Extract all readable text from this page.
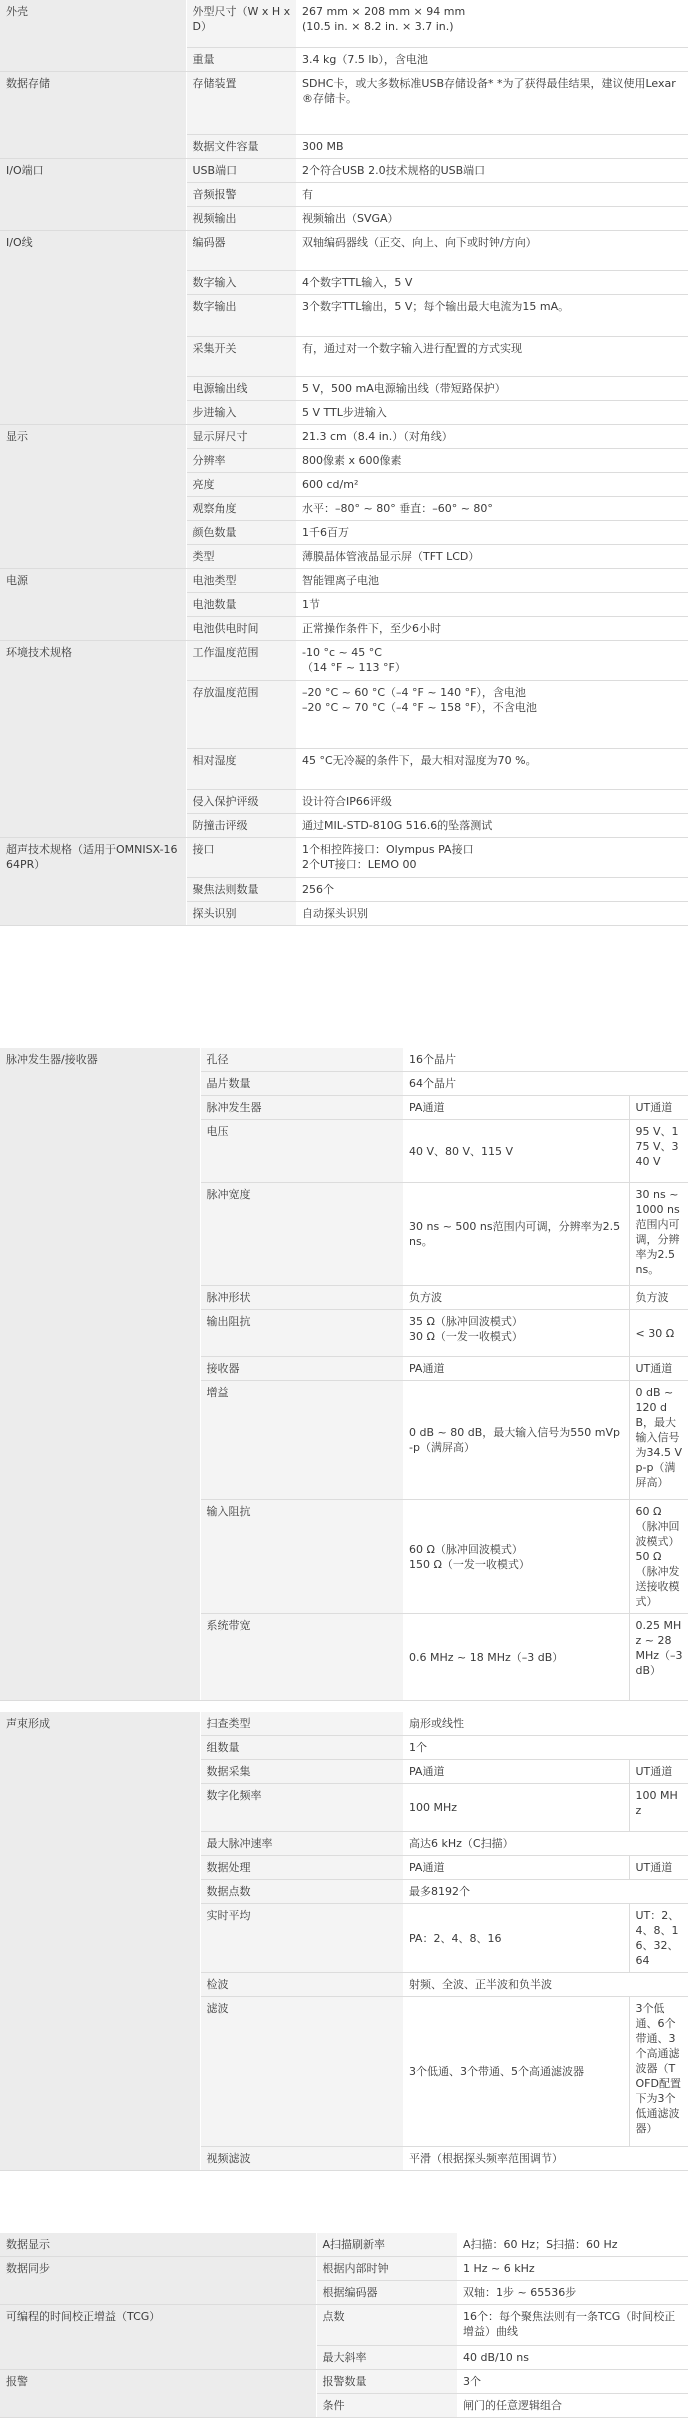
外壳	外型尺寸（W x H x D）	267 mm × 208 mm × 94 mm
(10.5 in. × 8.2 in. × 3.7 in.)
	重量	3.4 kg（7.5 lb），含电池
数据存储	存储装置	SDHC卡，或大多数标准USB存储设备* *为了获得最佳结果，建议使用Lexar®存储卡。
	数据文件容量	300 MB
I/O端口	USB端口	2个符合USB 2.0技术规格的USB端口
	音频报警	有
	视频输出	视频输出（SVGA）
I/O线	编码器	双轴编码器线（正交、向上、向下或时钟/方向）
	数字输入	4个数字TTL输入，5 V
	数字输出	3个数字TTL输出，5 V；每个输出最大电流为15 mA。
	采集开关	有，通过对一个数字输入进行配置的方式实现
	电源输出线	5 V，500 mA电源输出线（带短路保护）
	步进输入	5 V TTL步进输入
显示	显示屏尺寸	21.3 cm（8.4 in.）（对角线）
	分辨率	800像素 x 600像素
	亮度	600 cd/m²
	观察角度	水平：–80° ~ 80° 垂直：–60° ~ 80°
	颜色数量	1千6百万
	类型	薄膜晶体管液晶显示屏（TFT LCD）
电源	电池类型	智能锂离子电池
	电池数量	1节
	电池供电时间	正常操作条件下，至少6小时
环境技术规格	工作温度范围	-10 °c ~ 45 °C
（14 °F ~ 113 °F）
	存放温度范围	–20 °C ~ 60 °C（–4 °F ~ 140 °F），含电池
–20 °C ~ 70 °C（–4 °F ~ 158 °F），不含电池
	相对湿度	45 °C无冷凝的条件下，最大相对湿度为70 %。
	侵入保护评级	设计符合IP66评级
	防撞击评级	通过MIL-STD-810G 516.6的坠落测试
超声技术规格（适用于OMNISX-1664PR）	接口	1个相控阵接口：Olympus PA接口
2个UT接口：LEMO 00
	聚焦法则数量	256个
	探头识别	自动探头识别
脉冲发生器/接收器	孔径	16个晶片	
	晶片数量	64个晶片	
	脉冲发生器	PA通道	UT通道
	电压	40 V、80 V、115 V	95 V、175 V、340 V
	脉冲宽度	30 ns ~ 500 ns范围内可调，分辨率为2.5 ns。	30 ns ~ 1000 ns范围内可调，分辨率为2.5 ns。
	脉冲形状	负方波	负方波
	输出阻抗	35 Ω（脉冲回波模式）
30 Ω（一发一收模式）	< 30 Ω
	接收器	PA通道	UT通道
	增益	0 dB ~ 80 dB，最大输入信号为550 mVp-p（满屏高）	0 dB ~ 120 dB，最大输入信号为34.5 Vp-p（满屏高）
	输入阻抗	60 Ω（脉冲回波模式）
150 Ω（一发一收模式）	60 Ω（脉冲回波模式）
50 Ω（脉冲发送接收模式）
	系统带宽	0.6 MHz ~ 18 MHz（–3 dB）	0.25 MHz ~ 28 MHz（–3 dB）
声束形成	扫查类型	扇形或线性	
	组数量	1个	
	数据采集	PA通道	UT通道
	数字化频率	100 MHz	100 MHz
	最大脉冲速率	高达6 kHz（C扫描）	
	数据处理	PA通道	UT通道
	数据点数	最多8192个	
	实时平均	PA：2、4、8、16	UT：2、4、8、16、32、64
	检波	射频、全波、正半波和负半波	
	滤波	3个低通、3个带通、5个高通滤波器	3个低通、6个带通、3个高通滤波器（TOFD配置下为3个低通滤波器）
	视频滤波	平滑（根据探头频率范围调节）	
数据显示	A扫描刷新率	A扫描：60 Hz；S扫描：60 Hz
数据同步	根据内部时钟	1 Hz ~ 6 kHz
	根据编码器	双轴：1步 ~ 65536步
可编程的时间校正增益（TCG）	点数	16个：每个聚焦法则有一条TCG（时间校正增益）曲线
	最大斜率	40 dB/10 ns
报警	报警数量	3个
	条件	闸门的任意逻辑组合
